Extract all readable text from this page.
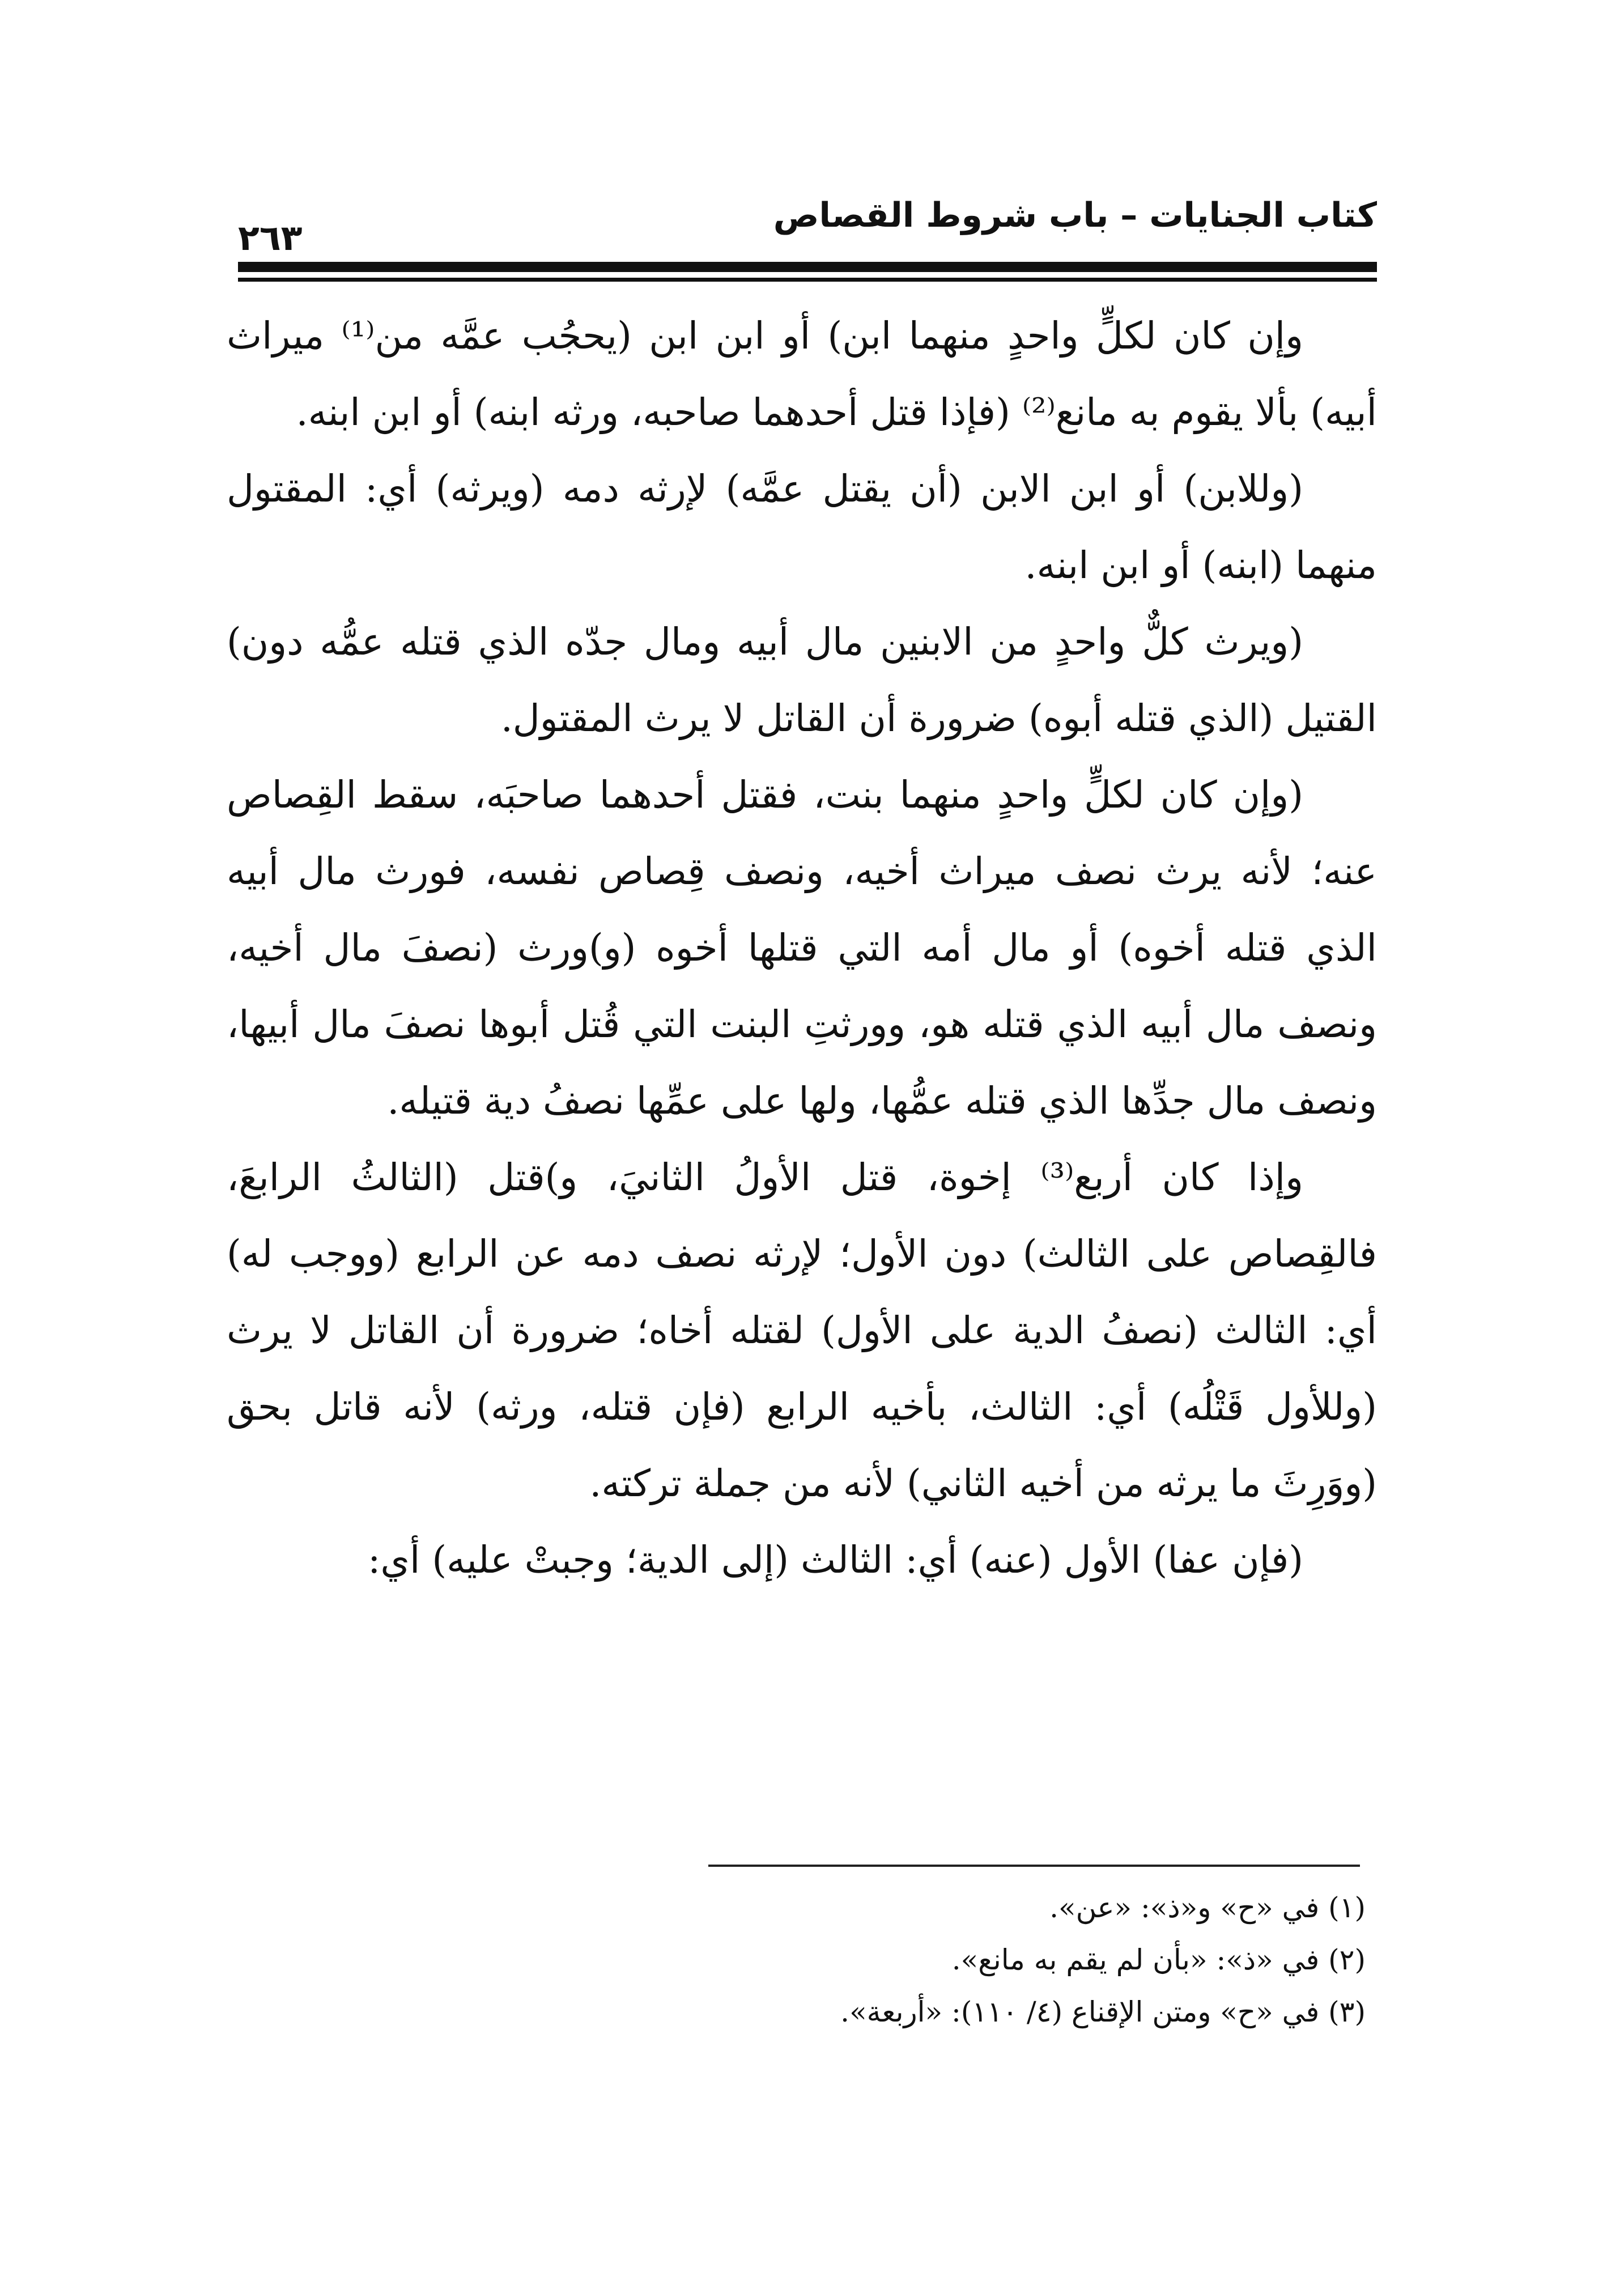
كتاب الجنايات – باب شروط القصاص
٢٦٣

وإن كان لكلٍّ واحدٍ منهما ابن) أو ابن ابن (يحجُب عمَّه من⁽¹⁾ ميراث أبيه) بألا يقوم به مانع⁽²⁾ (فإذا قتل أحدهما صاحبه، ورثه ابنه) أو ابن ابنه.

(وللابن) أو ابن الابن (أن يقتل عمَّه) لإرثه دمه (ويرثه) أي: المقتول منهما (ابنه) أو ابن ابنه.

(ويرث كلٌّ واحدٍ من الابنين مال أبيه ومال جدّه الذي قتله عمُّه دون) القتيل (الذي قتله أبوه) ضرورة أن القاتل لا يرث المقتول.

(وإن كان لكلٍّ واحدٍ منهما بنت، فقتل أحدهما صاحبَه، سقط القِصاص عنه؛ لأنه يرث نصف ميراث أخيه، ونصف قِصاص نفسه، فورث مال أبيه الذي قتله أخوه) أو مال أمه التي قتلها أخوه (و)ورث (نصفَ مال أخيه، ونصف مال أبيه الذي قتله هو، وورثتِ البنت التي قُتل أبوها نصفَ مال أبيها، ونصف مال جدِّها الذي قتله عمُّها، ولها على عمِّها نصفُ دية قتيله.

وإذا كان أربع⁽³⁾ إخوة، قتل الأولُ الثانيَ، و)قتل (الثالثُ الرابعَ، فالقِصاص على الثالث) دون الأول؛ لإرثه نصف دمه عن الرابع (ووجب له) أي: الثالث (نصفُ الدية على الأول) لقتله أخاه؛ ضرورة أن القاتل لا يرث (وللأول قَتْلُه) أي: الثالث، بأخيه الرابع (فإن قتله، ورثه) لأنه قاتل بحق (ووَرِثَ ما يرثه من أخيه الثاني) لأنه من جملة تركته.

(فإن عفا) الأول (عنه) أي: الثالث (إلى الدية؛ وجبتْ عليه) أي:

(١) في «ح» و«ذ»: «عن».

(٢) في «ذ»: «بأن لم يقم به مانع».

(٣) في «ح» ومتن الإقناع (٤/ ١١٠): «أربعة».
